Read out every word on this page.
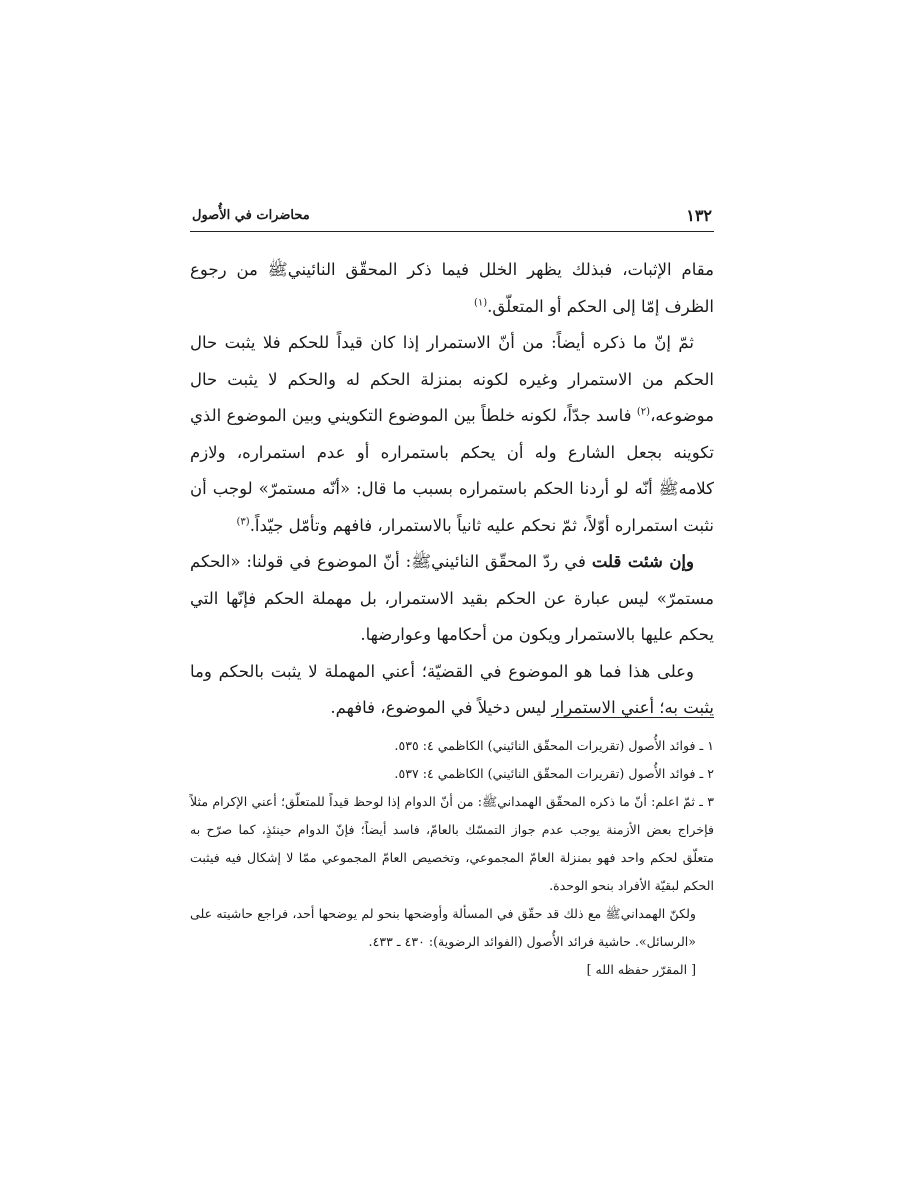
١٣٢
محاضرات في الأُصول

مقام الإثبات، فبذلك يظهر الخلل فيما ذكر المحقّق النائينيﷺ من رجوع الظرف إمّا إلى الحكم أو المتعلّق.$^{(١)}$

ثمّ إنّ ما ذكره أيضاً: من أنّ الاستمرار إذا كان قيداً للحكم فلا يثبت حال الحكم من الاستمرار وغيره لكونه بمنزلة الحكم له والحكم لا يثبت حال موضوعه،$^{(٢)}$ فاسد جدّاً، لكونه خلطاً بين الموضوع التكويني وبين الموضوع الذي تكوينه بجعل الشارع وله أن يحكم باستمراره أو عدم استمراره، ولازم كلامهﷺ أنّه لو أردنا الحكم باستمراره بسبب ما قال: «أنّه مستمرّ» لوجب أن نثبت استمراره أوّلاً، ثمّ نحكم عليه ثانياً بالاستمرار، فافهم وتأمّل جيّداً.$^{(٣)}$

وإن شئت قلت في ردّ المحقّق النائينيﷺ: أنّ الموضوع في قولنا: «الحكم مستمرّ» ليس عبارة عن الحكم بقيد الاستمرار، بل مهملة الحكم فإنّها التي يحكم عليها بالاستمرار ويكون من أحكامها وعوارضها.

وعلى هذا فما هو الموضوع في القضيّة؛ أعني المهملة لا يثبت بالحكم وما يثبت به؛ أعني الاستمرار ليس دخيلاً في الموضوع، فافهم.

١ ـ فوائد الأُصول (تقريرات المحقّق النائيني) الكاظمي ٤: ٥٣٥.

٢ ـ فوائد الأُصول (تقريرات المحقّق النائيني) الكاظمي ٤: ٥٣٧.

٣ ـ ثمّ اعلم: أنّ ما ذكره المحقّق الهمدانيﷺ: من أنّ الدوام إذا لوحظ قيداً للمتعلّق؛ أعني الإكرام مثلاً فإخراج بعض الأزمنة يوجب عدم جواز التمسّك بالعامّ، فاسد أيضاً؛ فإنّ الدوام حينئذٍ، كما صرّح به متعلّق لحكم واحد فهو بمنزلة العامّ المجموعي، وتخصيص العامّ المجموعي ممّا لا إشكال فيه فيثبت الحكم لبقيّة الأفراد بنحو الوحدة.

ولكنّ الهمدانيﷺ مع ذلك قد حقّق في المسألة وأوضحها بنحو لم يوضحها أحد، فراجع حاشيته على «الرسائل». حاشية فرائد الأُصول (الفوائد الرضوية): ٤٣٠ ـ ٤٣٣.

[ المقرّر حفظه الله ]
